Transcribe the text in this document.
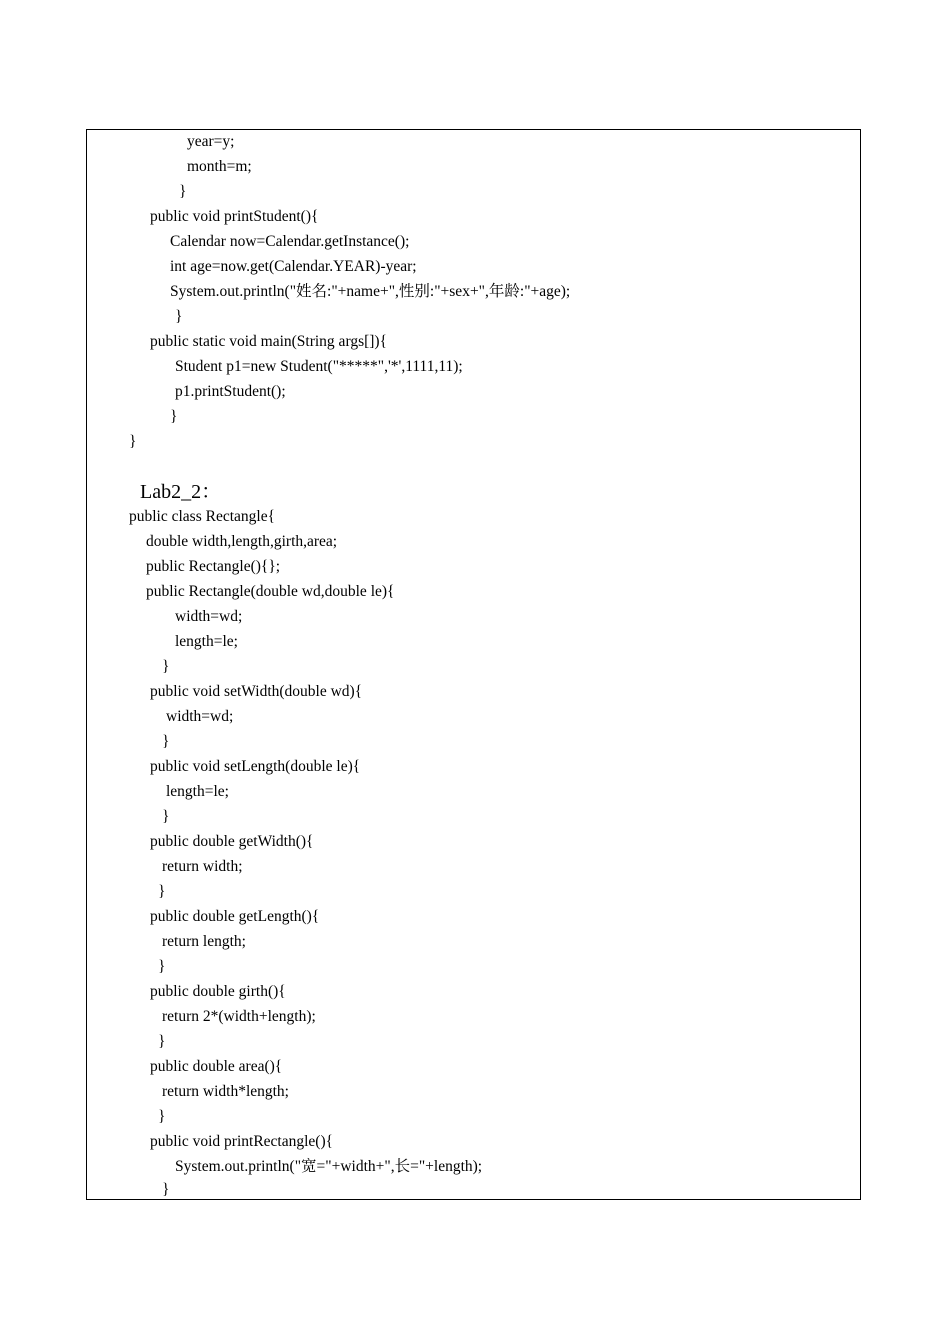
year=y;
month=m;
}
public void printStudent(){
Calendar now=Calendar.getInstance();
int age=now.get(Calendar.YEAR)-year;
System.out.println("姓名:"+name+",性别:"+sex+",年龄:"+age);
}
public static void main(String args[]){
Student p1=new Student("*****",'*',1111,11);
p1.printStudent();
}
}
Lab2_2：
public class Rectangle{
double width,length,girth,area;
public Rectangle(){};
public Rectangle(double wd,double le){
width=wd;
length=le;
}
public void setWidth(double wd){
width=wd;
}
public void setLength(double le){
length=le;
}
public double getWidth(){
return width;
}
public double getLength(){
return length;
}
public double girth(){
return 2*(width+length);
}
public double area(){
return width*length;
}
public void printRectangle(){
System.out.println("宽="+width+",长="+length);
}
